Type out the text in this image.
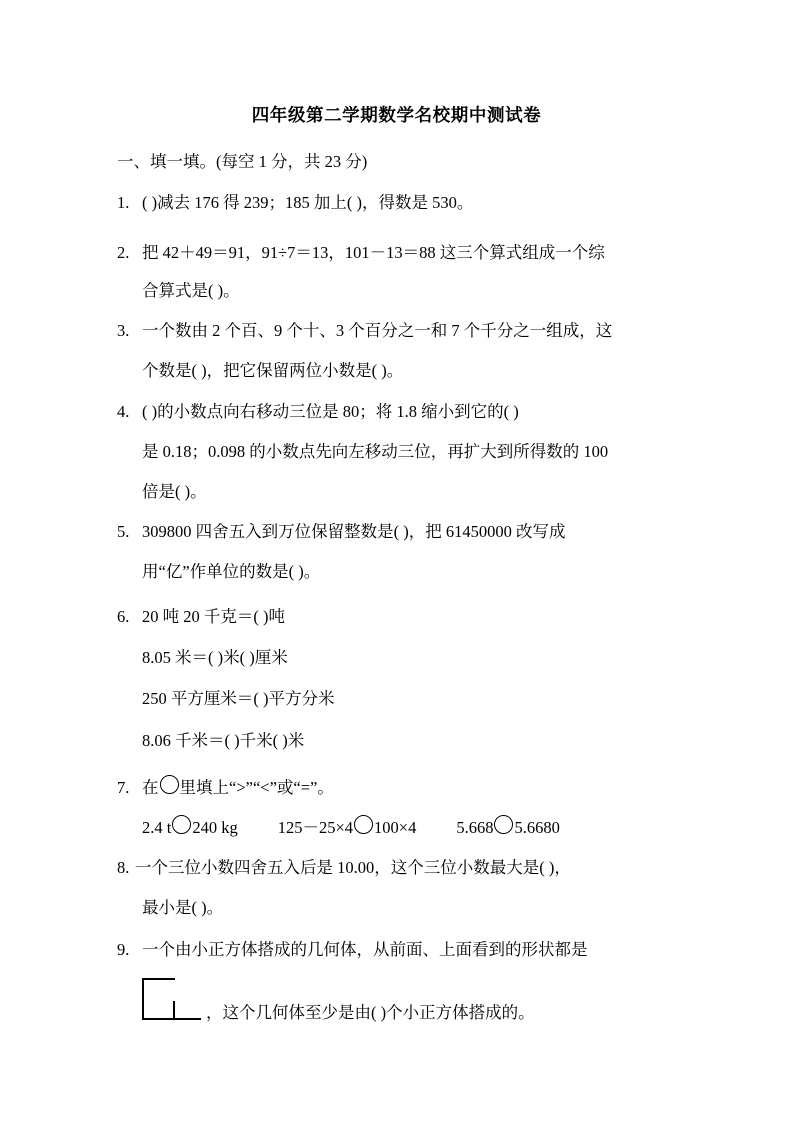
四年级第二学期数学名校期中测试卷
一、填一填。(每空 1 分，共 23 分)
1. ( )减去 176 得 239；185 加上( )，得数是 530。
2. 把 42＋49＝91，91÷7＝13，101－13＝88 这三个算式组成一个综
合算式是( )。
3. 一个数由 2 个百、9 个十、3 个百分之一和 7 个千分之一组成，这
个数是( )，把它保留两位小数是( )。
4. ( )的小数点向右移动三位是 80；将 1.8 缩小到它的( )
是 0.18；0.098 的小数点先向左移动三位，再扩大到所得数的 100
倍是( )。
5. 309800 四舍五入到万位保留整数是( )，把 61450000 改写成
用“亿”作单位的数是( )。
6. 20 吨 20 千克＝( )吨
8.05 米＝( )米( )厘米
250 平方厘米＝( )平方分米
8.06 千米＝( )千米( )米
7. 在 里填上“>”“<”或“=”。
2.4 t 240 kg 125－25×4 100×4 5.668 5.6680
8. 一个三位小数四舍五入后是 10.00，这个三位小数最大是( )，
最小是( )。
9. 一个由小正方体搭成的几何体，从前面、上面看到的形状都是
，这个几何体至少是由( )个小正方体搭成的。
